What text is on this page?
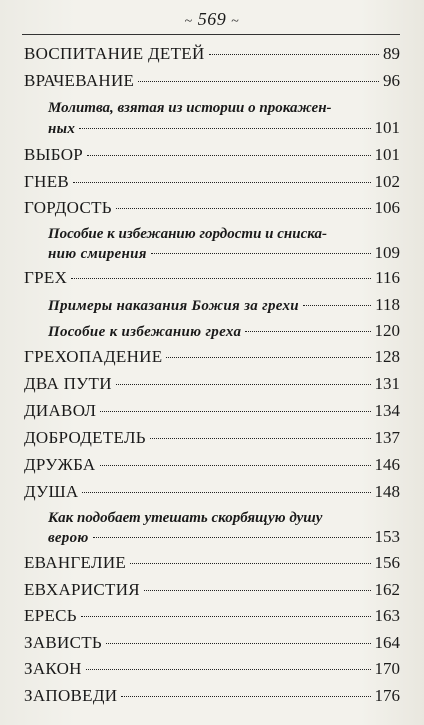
~ 569 ~
ВОСПИТАНИЕ ДЕТЕЙ	89
ВРАЧЕВАНИЕ	96
Молитва, взятая из истории о прокажен-
ных	101
ВЫБОР	101
ГНЕВ	102
ГОРДОСТЬ	106
Пособие к избежанию гордости и сниска-
нию смирения	109
ГРЕХ	116
Примеры наказания Божия за грехи	118
Пособие к избежанию греха	120
ГРЕХОПАДЕНИЕ	128
ДВА ПУТИ	131
ДИАВОЛ	134
ДОБРОДЕТЕЛЬ	137
ДРУЖБА	146
ДУША	148
Как подобает утешать скорбящую душу
верою	153
ЕВАНГЕЛИЕ	156
ЕВХАРИСТИЯ	162
ЕРЕСЬ	163
ЗАВИСТЬ	164
ЗАКОН	170
ЗАПОВЕДИ	176
